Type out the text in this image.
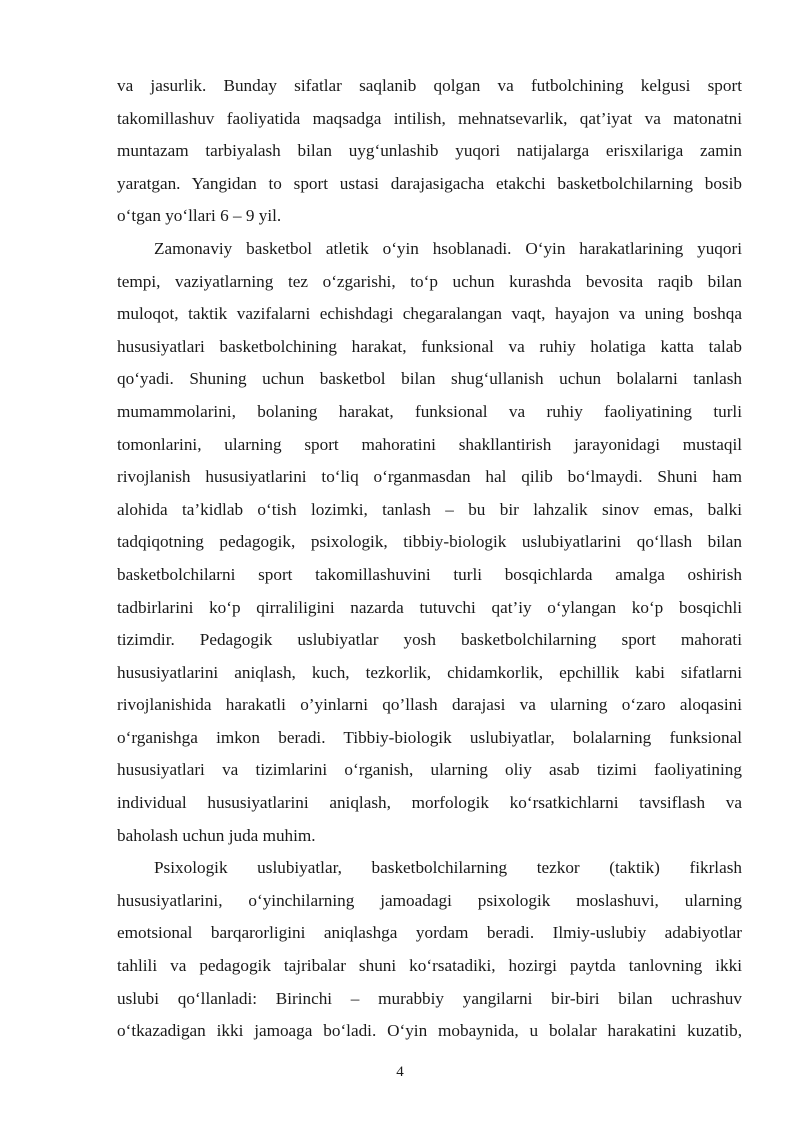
va jasurlik. Bunday sifatlar saqlanib qolgan va futbolchining kelgusi sport
takomillashuv faoliyatida maqsadga intilish, mehnatsevarlik, qat’iyat va matonatni
muntazam tarbiyalash bilan uyg‘unlashib yuqori natijalarga erisxilariga zamin
yaratgan. Yangidan to sport ustasi darajasigacha etakchi basketbolchilarning bosib
o‘tgan yo‘llari 6 – 9 yil.
Zamonaviy basketbol atletik o‘yin hsoblanadi. O‘yin harakatlarining yuqori
tempi, vaziyatlarning tez o‘zgarishi, to‘p uchun kurashda bevosita raqib bilan
muloqot, taktik vazifalarni echishdagi chegaralangan vaqt, hayajon va uning boshqa
hususiyatlari basketbolchining harakat, funksional va ruhiy holatiga katta talab
qo‘yadi. Shuning uchun basketbol bilan shug‘ullanish uchun bolalarni tanlash
mumammolarini, bolaning harakat, funksional va ruhiy faoliyatining turli
tomonlarini, ularning sport mahoratini shakllantirish jarayonidagi mustaqil
rivojlanish hususiyatlarini to‘liq o‘rganmasdan hal qilib bo‘lmaydi. Shuni ham
alohida ta’kidlab o‘tish lozimki, tanlash – bu bir lahzalik sinov emas, balki
tadqiqotning pedagogik, psixologik, tibbiy-biologik uslubiyatlarini qo‘llash bilan
basketbolchilarni sport takomillashuvini turli bosqichlarda amalga oshirish
tadbirlarini ko‘p qirraliligini nazarda tutuvchi qat’iy o‘ylangan ko‘p bosqichli
tizimdir. Pedagogik uslubiyatlar yosh basketbolchilarning sport mahorati
hususiyatlarini aniqlash, kuch, tezkorlik, chidamkorlik, epchillik kabi sifatlarni
rivojlanishida harakatli o’yinlarni qo’llash darajasi va ularning o‘zaro aloqasini
o‘rganishga imkon beradi. Tibbiy-biologik uslubiyatlar, bolalarning funksional
hususiyatlari va tizimlarini o‘rganish, ularning oliy asab tizimi faoliyatining
individual hususiyatlarini aniqlash, morfologik ko‘rsatkichlarni tavsiflash va
baholash uchun juda muhim.
Psixologik uslubiyatlar, basketbolchilarning tezkor (taktik) fikrlash
hususiyatlarini, o‘yinchilarning jamoadagi psixologik moslashuvi, ularning
emotsional barqarorligini aniqlashga yordam beradi. Ilmiy-uslubiy adabiyotlar
tahlili va pedagogik tajribalar shuni ko‘rsatadiki, hozirgi paytda tanlovning ikki
uslubi qo‘llanladi: Birinchi – murabbiy yangilarni bir-biri bilan uchrashuv
o‘tkazadigan ikki jamoaga bo‘ladi. O‘yin mobaynida, u bolalar harakatini kuzatib,
4
